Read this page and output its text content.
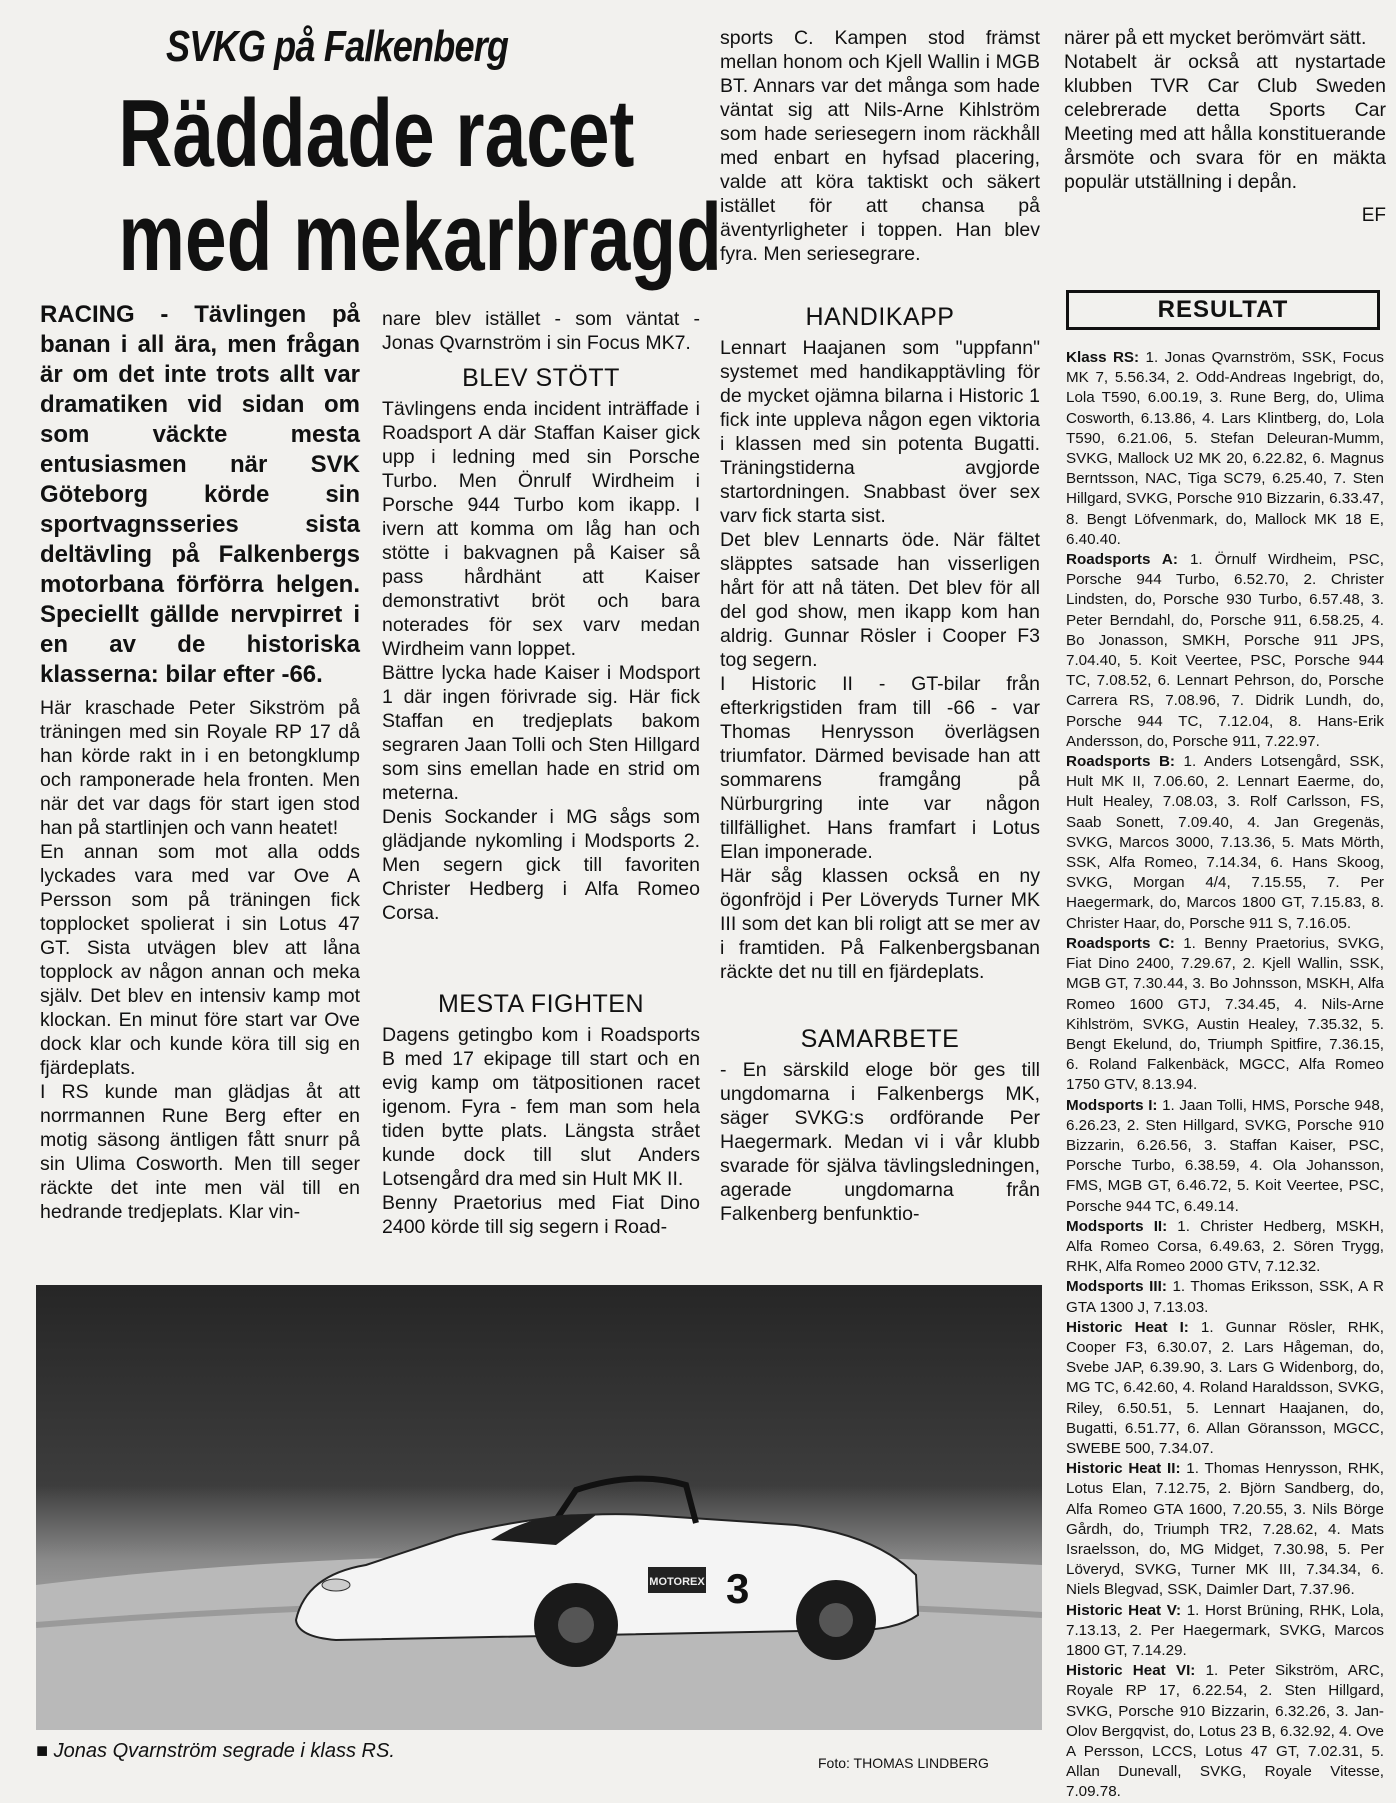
SVKG på Falkenberg
Räddade racet
med mekarbragd

RACING - Tävlingen på banan i all ära, men frågan är om det inte trots allt var dramatiken vid sidan om som väckte mesta entusiasmen när SVK Göteborg körde sin sportvagnsseries sista deltävling på Falkenbergs motorbana förförra helgen. Speciellt gällde nervpirret i en av de historiska klasserna: bilar efter -66.

Här kraschade Peter Sikström på träningen med sin Royale RP 17 då han körde rakt in i en betongklump och ramponerade hela fronten. Men när det var dags för start igen stod han på startlinjen och vann heatet!

En annan som mot alla odds lyckades vara med var Ove A Persson som på träningen fick topplocket spolierat i sin Lotus 47 GT. Sista utvägen blev att låna topplock av någon annan och meka själv. Det blev en intensiv kamp mot klockan. En minut före start var Ove dock klar och kunde köra till sig en fjärdeplats.

I RS kunde man glädjas åt att norrmannen Rune Berg efter en motig säsong äntligen fått snurr på sin Ulima Cosworth. Men till seger räckte det inte men väl till en hedrande tredjeplats. Klar vin-

nare blev istället - som väntat - Jonas Qvarnström i sin Focus MK7.

BLEV STÖTT

Tävlingens enda incident inträffade i Roadsport A där Staffan Kaiser gick upp i ledning med sin Porsche Turbo. Men Önrulf Wirdheim i Porsche 944 Turbo kom ikapp. I ivern att komma om låg han och stötte i bakvagnen på Kaiser så pass hårdhänt att Kaiser demonstrativt bröt och bara noterades för sex varv medan Wirdheim vann loppet.

Bättre lycka hade Kaiser i Modsport 1 där ingen förivrade sig. Här fick Staffan en tredjeplats bakom segraren Jaan Tolli och Sten Hillgard som sins emellan hade en strid om meterna.

Denis Sockander i MG sågs som glädjande nykomling i Modsports 2. Men segern gick till favoriten Christer Hedberg i Alfa Romeo Corsa.

MESTA FIGHTEN

Dagens getingbo kom i Roadsports B med 17 ekipage till start och en evig kamp om tätpositionen racet igenom. Fyra - fem man som hela tiden bytte plats. Längsta strået kunde dock till slut Anders Lotsengård dra med sin Hult MK II.

Benny Praetorius med Fiat Dino 2400 körde till sig segern i Road-

sports C. Kampen stod främst mellan honom och Kjell Wallin i MGB BT. Annars var det många som hade väntat sig att Nils-Arne Kihlström som hade seriesegern inom räckhåll med enbart en hyfsad placering, valde att köra taktiskt och säkert istället för att chansa på äventyrligheter i toppen. Han blev fyra. Men seriesegrare.

HANDIKAPP

Lennart Haajanen som "uppfann" systemet med handikapptävling för de mycket ojämna bilarna i Historic 1 fick inte uppleva någon egen viktoria i klassen med sin potenta Bugatti. Träningstiderna avgjorde startordningen. Snabbast över sex varv fick starta sist.

Det blev Lennarts öde. När fältet släpptes satsade han visserligen hårt för att nå täten. Det blev för all del god show, men ikapp kom han aldrig. Gunnar Rösler i Cooper F3 tog segern.

I Historic II - GT-bilar från efterkrigstiden fram till -66 - var Thomas Henrysson överlägsen triumfator. Därmed bevisade han att sommarens framgång på Nürburgring inte var någon tillfällighet. Hans framfart i Lotus Elan imponerade.

Här såg klassen också en ny ögonfröjd i Per Löveryds Turner MK III som det kan bli roligt att se mer av i framtiden. På Falkenbergsbanan räckte det nu till en fjärdeplats.

SAMARBETE

- En särskild eloge bör ges till ungdomarna i Falkenbergs MK, säger SVKG:s ordförande Per Haegermark. Medan vi i vår klubb svarade för själva tävlingsledningen, agerade ungdomarna från Falkenberg benfunktio-

närer på ett mycket berömvärt sätt.

Notabelt är också att nystartade klubben TVR Car Club Sweden celebrerade detta Sports Car Meeting med att hålla konstituerande årsmöte och svara för en mäkta populär utställning i depån.

EF
RESULTAT
Klass RS: 1. Jonas Qvarnström, SSK, Focus MK 7, 5.56.34, 2. Odd-Andreas Ingebrigt, do, Lola T590, 6.00.19, 3. Rune Berg, do, Ulima Cosworth, 6.13.86, 4. Lars Klintberg, do, Lola T590, 6.21.06, 5. Stefan Deleuran-Mumm, SVKG, Mallock U2 MK 20, 6.22.82, 6. Magnus Berntsson, NAC, Tiga SC79, 6.25.40, 7. Sten Hillgard, SVKG, Porsche 910 Bizzarin, 6.33.47, 8. Bengt Löfvenmark, do, Mallock MK 18 E, 6.40.40.
Roadsports A: 1. Örnulf Wirdheim, PSC, Porsche 944 Turbo, 6.52.70, 2. Christer Lindsten, do, Porsche 930 Turbo, 6.57.48, 3. Peter Berndahl, do, Porsche 911, 6.58.25, 4. Bo Jonasson, SMKH, Porsche 911 JPS, 7.04.40, 5. Koit Veertee, PSC, Porsche 944 TC, 7.08.52, 6. Lennart Pehrson, do, Porsche Carrera RS, 7.08.96, 7. Didrik Lundh, do, Porsche 944 TC, 7.12.04, 8. Hans-Erik Andersson, do, Porsche 911, 7.22.97.
Roadsports B: 1. Anders Lotsengård, SSK, Hult MK II, 7.06.60, 2. Lennart Eaerme, do, Hult Healey, 7.08.03, 3. Rolf Carlsson, FS, Saab Sonett, 7.09.40, 4. Jan Gregenäs, SVKG, Marcos 3000, 7.13.36, 5. Mats Mörth, SSK, Alfa Romeo, 7.14.34, 6. Hans Skoog, SVKG, Morgan 4/4, 7.15.55, 7. Per Haegermark, do, Marcos 1800 GT, 7.15.83, 8. Christer Haar, do, Porsche 911 S, 7.16.05.
Roadsports C: 1. Benny Praetorius, SVKG, Fiat Dino 2400, 7.29.67, 2. Kjell Wallin, SSK, MGB GT, 7.30.44, 3. Bo Johnsson, MSKH, Alfa Romeo 1600 GTJ, 7.34.45, 4. Nils-Arne Kihlström, SVKG, Austin Healey, 7.35.32, 5. Bengt Ekelund, do, Triumph Spitfire, 7.36.15, 6. Roland Falkenbäck, MGCC, Alfa Romeo 1750 GTV, 8.13.94.
Modsports I: 1. Jaan Tolli, HMS, Porsche 948, 6.26.23, 2. Sten Hillgard, SVKG, Porsche 910 Bizzarin, 6.26.56, 3. Staffan Kaiser, PSC, Porsche Turbo, 6.38.59, 4. Ola Johansson, FMS, MGB GT, 6.46.72, 5. Koit Veertee, PSC, Porsche 944 TC, 6.49.14.
Modsports II: 1. Christer Hedberg, MSKH, Alfa Romeo Corsa, 6.49.63, 2. Sören Trygg, RHK, Alfa Romeo 2000 GTV, 7.12.32.
Modsports III: 1. Thomas Eriksson, SSK, A R GTA 1300 J, 7.13.03.
Historic Heat I: 1. Gunnar Rösler, RHK, Cooper F3, 6.30.07, 2. Lars Hågeman, do, Svebe JAP, 6.39.90, 3. Lars G Widenborg, do, MG TC, 6.42.60, 4. Roland Haraldsson, SVKG, Riley, 6.50.51, 5. Lennart Haajanen, do, Bugatti, 6.51.77, 6. Allan Göransson, MGCC, SWEBE 500, 7.34.07.
Historic Heat II: 1. Thomas Henrysson, RHK, Lotus Elan, 7.12.75, 2. Björn Sandberg, do, Alfa Romeo GTA 1600, 7.20.55, 3. Nils Börge Gårdh, do, Triumph TR2, 7.28.62, 4. Mats Israelsson, do, MG Midget, 7.30.98, 5. Per Löveryd, SVKG, Turner MK III, 7.34.34, 6. Niels Blegvad, SSK, Daimler Dart, 7.37.96.
Historic Heat V: 1. Horst Brüning, RHK, Lola, 7.13.13, 2. Per Haegermark, SVKG, Marcos 1800 GT, 7.14.29.
Historic Heat VI: 1. Peter Sikström, ARC, Royale RP 17, 6.22.54, 2. Sten Hillgard, SVKG, Porsche 910 Bizzarin, 6.32.26, 3. Jan-Olov Bergqvist, do, Lotus 23 B, 6.32.92, 4. Ove A Persson, LCCS, Lotus 47 GT, 7.02.31, 5. Allan Dunevall, SVKG, Royale Vitesse, 7.09.78.
MOTOREX 3
■ Jonas Qvarnström segrade i klass RS.
Foto: THOMAS LINDBERG
